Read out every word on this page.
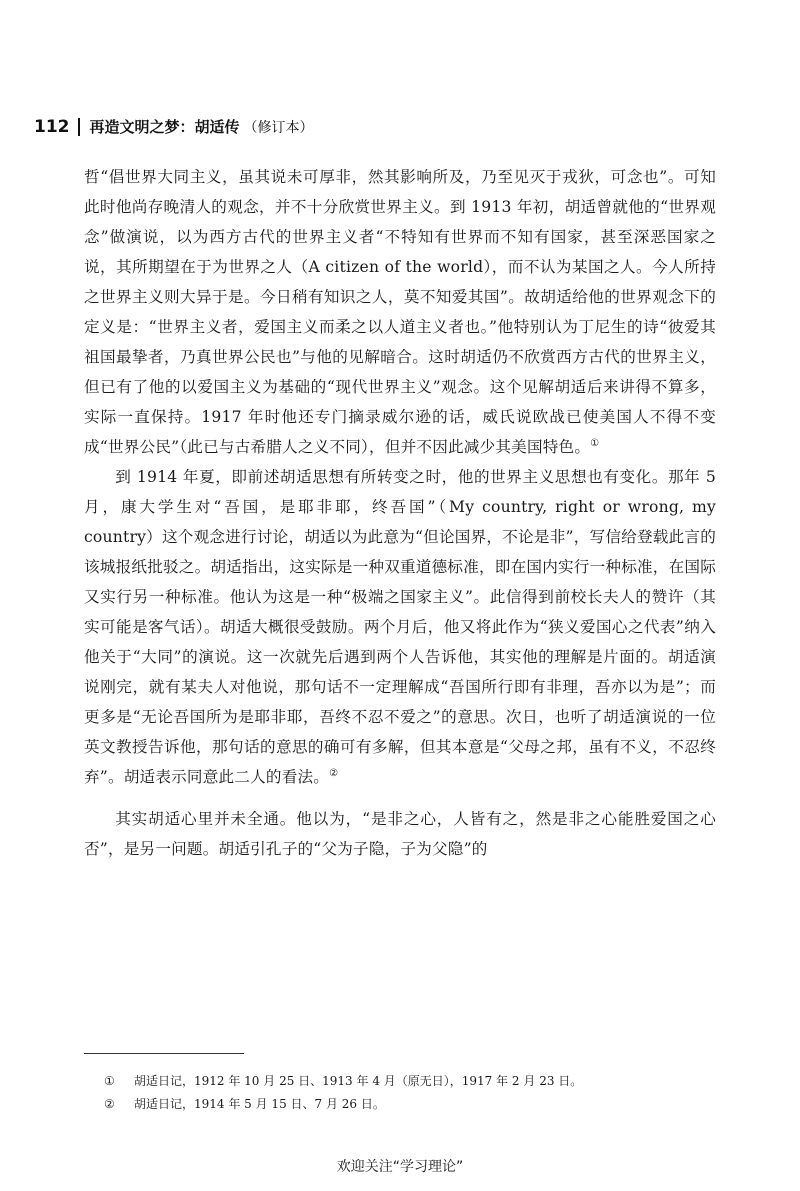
112 再造文明之梦：胡适传 （修订本）

哲“倡世界大同主义，虽其说未可厚非，然其影响所及，乃至见灭于戎狄，可念也”。可知此时他尚存晚清人的观念，并不十分欣赏世界主义。到 1913 年初，胡适曾就他的“世界观念”做演说，以为西方古代的世界主义者“不特知有世界而不知有国家，甚至深恶国家之说，其所期望在于为世界之人（A citizen of the world），而不认为某国之人。今人所持之世界主义则大异于是。今日稍有知识之人，莫不知爱其国”。故胡适给他的世界观念下的定义是：“世界主义者，爱国主义而柔之以人道主义者也。”他特别认为丁尼生的诗“彼爱其祖国最挚者，乃真世界公民也”与他的见解暗合。这时胡适仍不欣赏西方古代的世界主义，但已有了他的以爱国主义为基础的“现代世界主义”观念。这个见解胡适后来讲得不算多，实际一直保持。1917 年时他还专门摘录威尔逊的话，威氏说欧战已使美国人不得不变成“世界公民”（此已与古希腊人之义不同），但并不因此减少其美国特色。①

到 1914 年夏，即前述胡适思想有所转变之时，他的世界主义思想也有变化。那年 5 月，康大学生对“吾国，是耶非耶，终吾国”（My country, right or wrong, my country）这个观念进行讨论，胡适以为此意为“但论国界，不论是非”，写信给登载此言的该城报纸批驳之。胡适指出，这实际是一种双重道德标准，即在国内实行一种标准，在国际又实行另一种标准。他认为这是一种“极端之国家主义”。此信得到前校长夫人的赞许（其实可能是客气话）。胡适大概很受鼓励。两个月后，他又将此作为“狭义爱国心之代表”纳入他关于“大同”的演说。这一次就先后遇到两个人告诉他，其实他的理解是片面的。胡适演说刚完，就有某夫人对他说，那句话不一定理解成“吾国所行即有非理，吾亦以为是”；而更多是“无论吾国所为是耶非耶，吾终不忍不爱之”的意思。次日，也听了胡适演说的一位英文教授告诉他，那句话的意思的确可有多解，但其本意是“父母之邦，虽有不义，不忍终弃”。胡适表示同意此二人的看法。②

其实胡适心里并未全通。他以为，“是非之心，人皆有之，然是非之心能胜爱国之心否”，是另一问题。胡适引孔子的“父为子隐，子为父隐”的

① 胡适日记，1912 年 10 月 25 日、1913 年 4 月（原无日），1917 年 2 月 23 日。
② 胡适日记，1914 年 5 月 15 日、7 月 26 日。
欢迎关注“学习理论”
